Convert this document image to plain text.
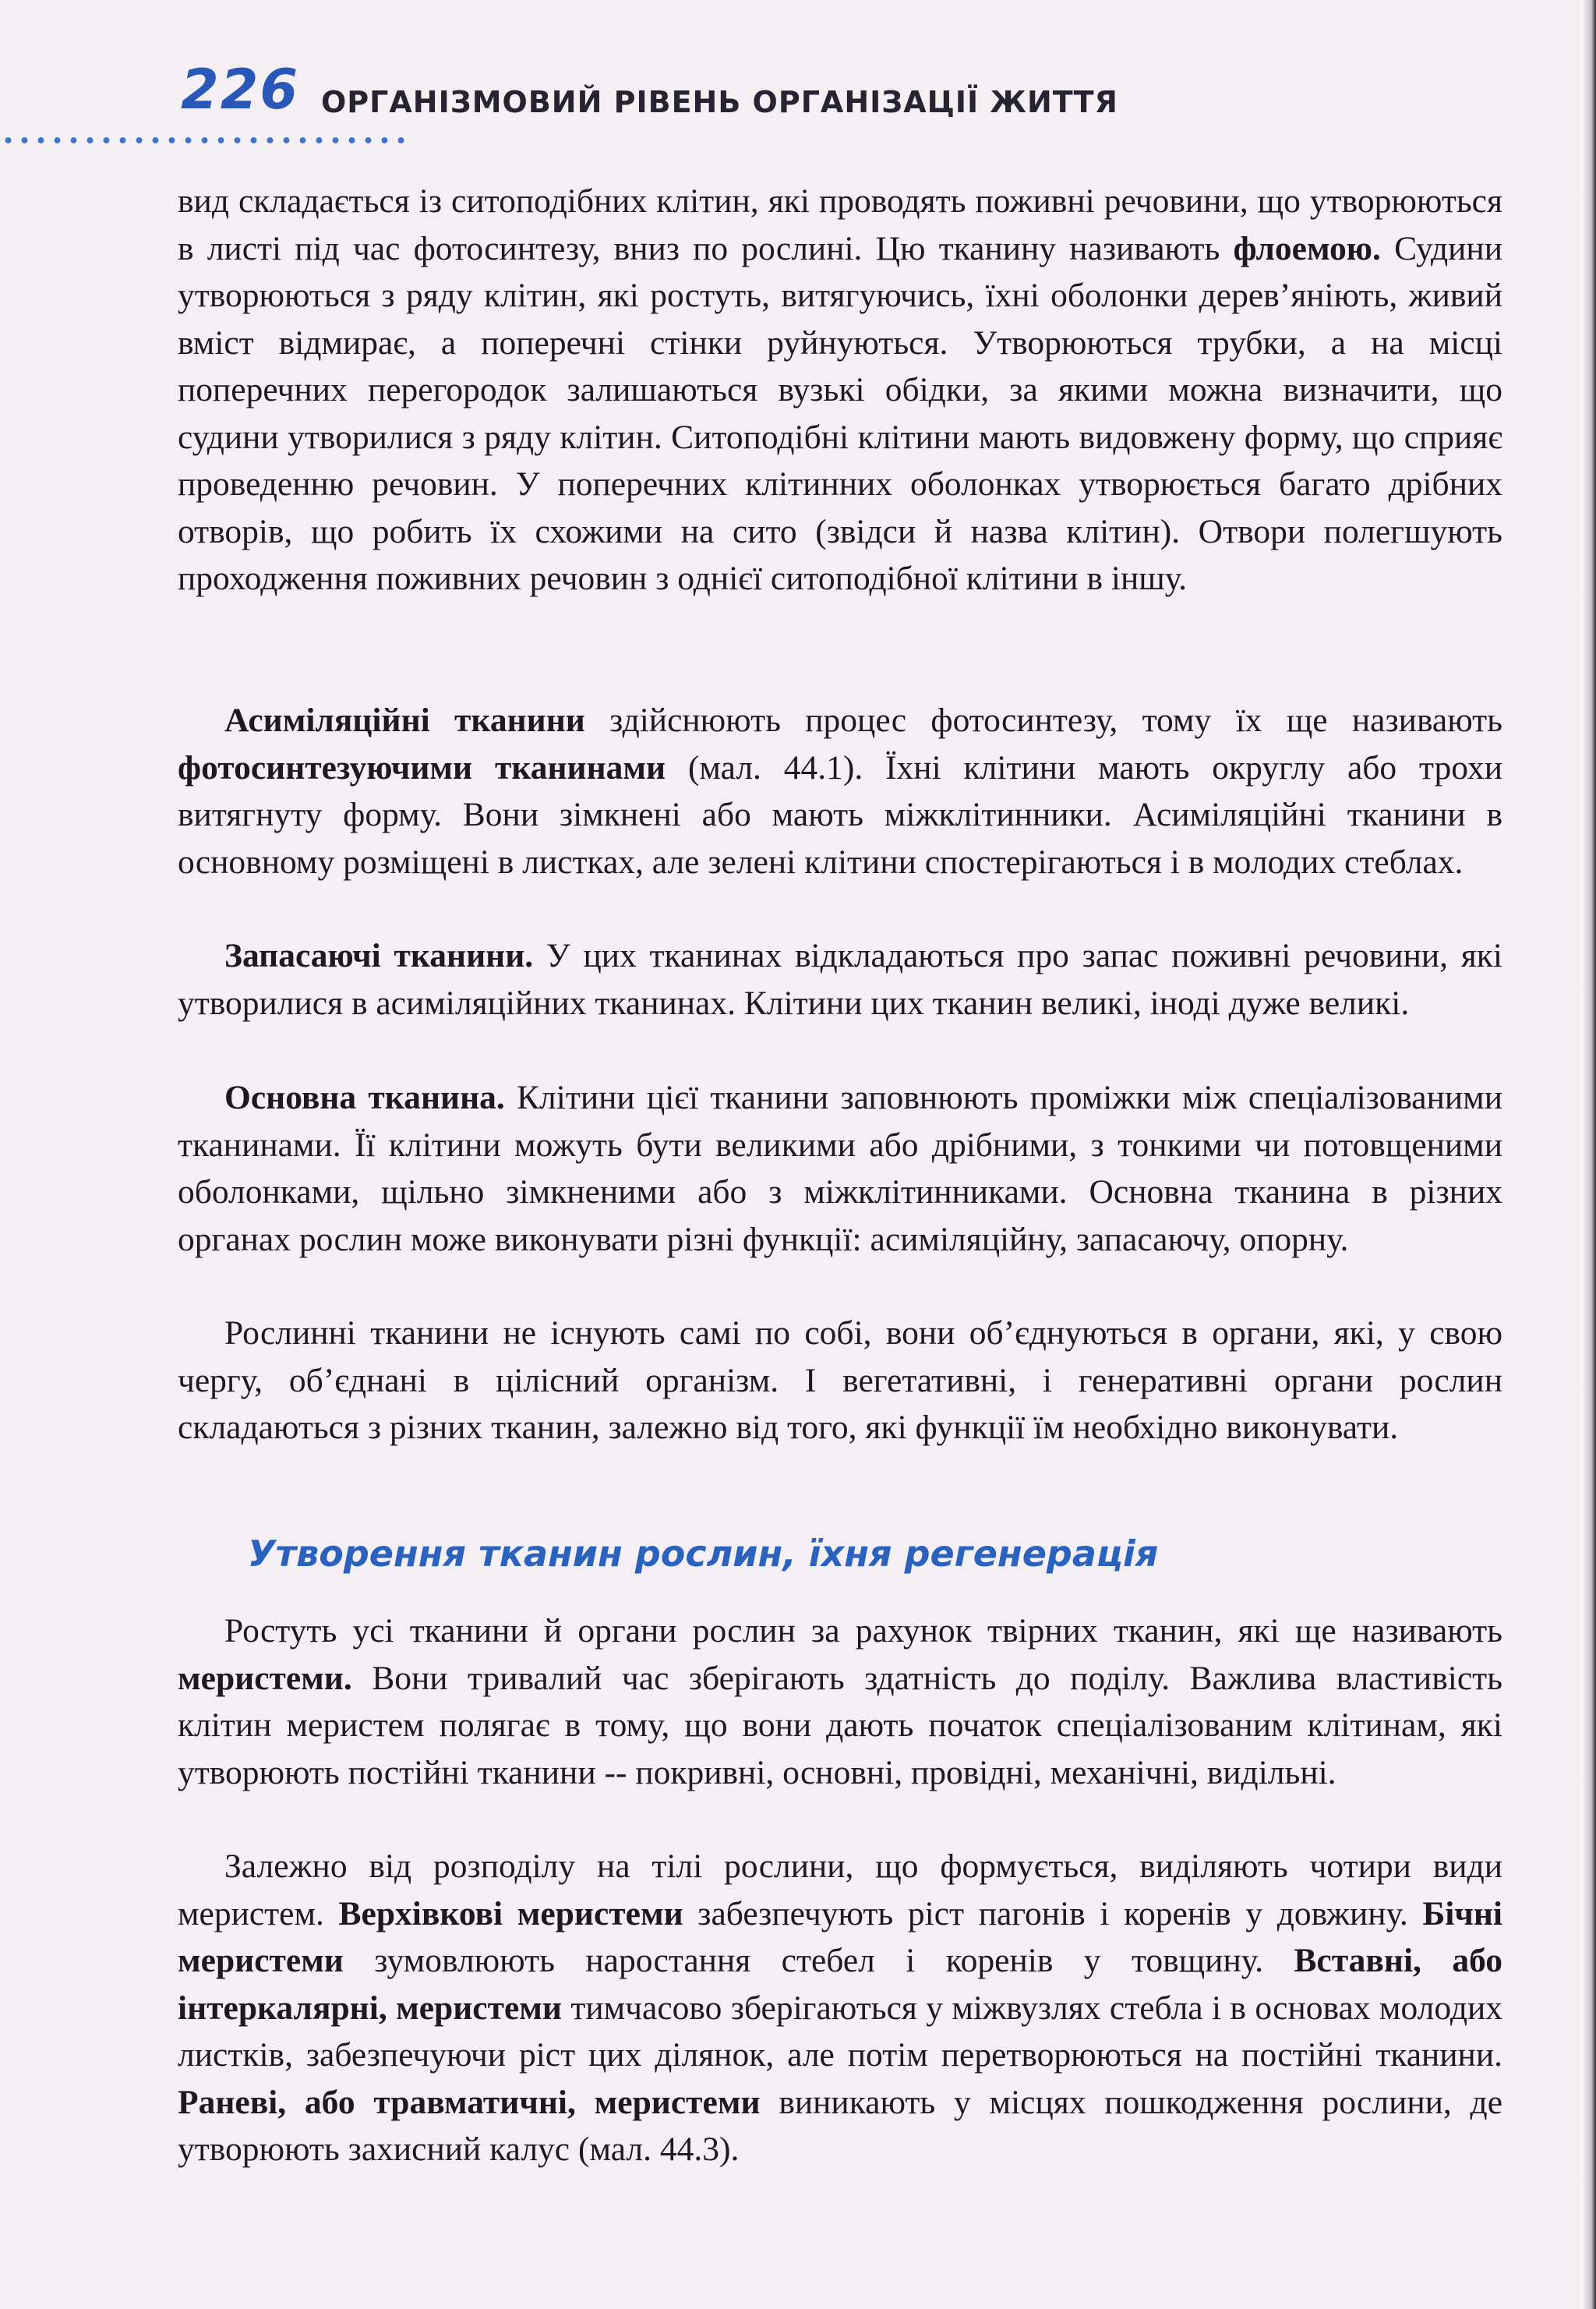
226 ОРГАНІЗМОВИЙ РІВЕНЬ ОРГАНІЗАЦІЇ ЖИТТЯ

вид складається із ситоподібних клітин, які проводять поживні речовини, що утворюються в листі під час фотосинтезу, вниз по рослині. Цю тканину називають флоемою. Судини утворюються з ряду клітин, які ростуть, витягуючись, їхні оболонки дерев’яніють, живий вміст відмирає, а поперечні стінки руйнуються. Утворюються трубки, а на місці поперечних перегородок залишаються вузькі обідки, за якими можна визначити, що судини утворилися з ряду клітин. Ситоподібні клітини мають видовжену форму, що сприяє проведенню речовин. У поперечних клітинних оболонках утворюється багато дрібних отворів, що робить їх схожими на сито (звідси й назва клітин). Отвори полегшують проходження поживних речовин з однієї ситоподібної клітини в іншу.

Асиміляційні тканини здійснюють процес фотосинтезу, тому їх ще називають фотосинтезуючими тканинами (мал. 44.1). Їхні клітини мають округлу або трохи витягнуту форму. Вони зімкнені або мають міжклітинники. Асиміляційні тканини в основному розміщені в листках, але зелені клітини спостерігаються і в молодих стеблах.

Запасаючі тканини. У цих тканинах відкладаються про запас поживні речовини, які утворилися в асиміляційних тканинах. Клітини цих тканин великі, іноді дуже великі.

Основна тканина. Клітини цієї тканини заповнюють проміжки між спеціалізованими тканинами. Її клітини можуть бути великими або дрібними, з тонкими чи потовщеними оболонками, щільно зімкненими або з міжклітинниками. Основна тканина в різних органах рослин може виконувати різні функції: асиміляційну, запасаючу, опорну.

Рослинні тканини не існують самі по собі, вони об’єднуються в органи, які, у свою чергу, об’єднані в цілісний організм. І вегетативні, і генеративні органи рослин складаються з різних тканин, залежно від того, які функції їм необхідно виконувати.

Утворення тканин рослин, їхня регенерація

Ростуть усі тканини й органи рослин за рахунок твірних тканин, які ще називають меристеми. Вони тривалий час зберігають здатність до поділу. Важлива властивість клітин меристем полягає в тому, що вони дають початок спеціалізованим клітинам, які утворюють постійні тканини -- покривні, основні, провідні, механічні, видільні.

Залежно від розподілу на тілі рослини, що формується, виділяють чотири види меристем. Верхівкові меристеми забезпечують ріст пагонів і коренів у довжину. Бічні меристеми зумовлюють наростання стебел і коренів у товщину. Вставні, або інтеркалярні, меристеми тимчасово зберігаються у міжвузлях стебла і в основах молодих листків, забезпечуючи ріст цих ділянок, але потім перетворюються на постійні тканини. Раневі, або травматичні, меристеми виникають у місцях пошкодження рослини, де утворюють захисний калус (мал. 44.3).
